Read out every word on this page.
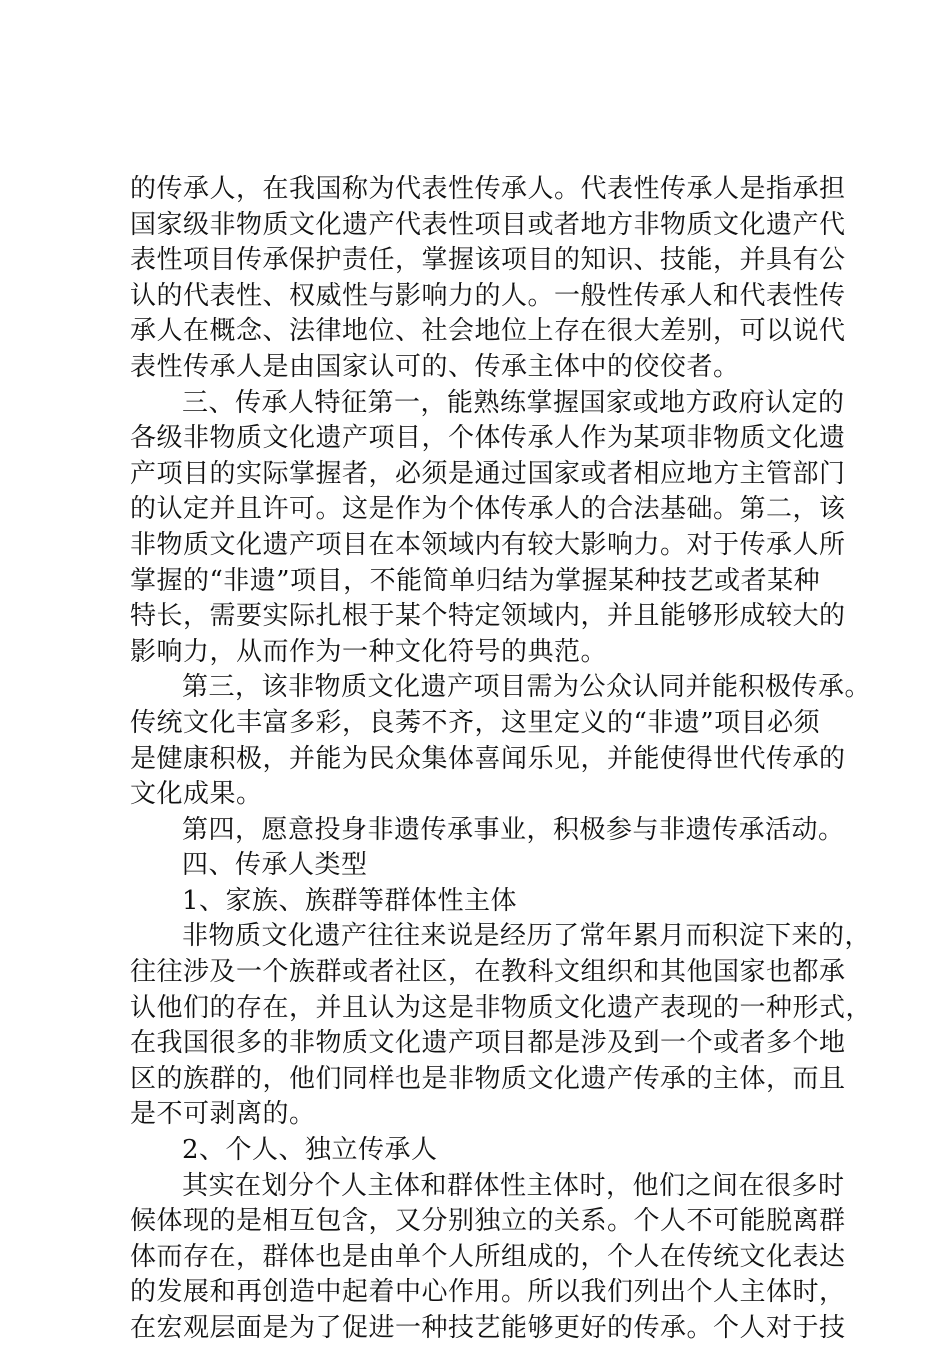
的传承人，在我国称为代表性传承人。代表性传承人是指承担
国家级非物质文化遗产代表性项目或者地方非物质文化遗产代
表性项目传承保护责任，掌握该项目的知识、技能，并具有公
认的代表性、权威性与影响力的人。一般性传承人和代表性传
承人在概念、法律地位、社会地位上存在很大差别，可以说代
表性传承人是由国家认可的、传承主体中的佼佼者。
三、传承人特征第一，能熟练掌握国家或地方政府认定的
各级非物质文化遗产项目，个体传承人作为某项非物质文化遗
产项目的实际掌握者，必须是通过国家或者相应地方主管部门
的认定并且许可。这是作为个体传承人的合法基础。第二，该
非物质文化遗产项目在本领域内有较大影响力。对于传承人所
掌握的“非遗”项目，不能简单归结为掌握某种技艺或者某种
特长，需要实际扎根于某个特定领域内，并且能够形成较大的
影响力，从而作为一种文化符号的典范。
第三，该非物质文化遗产项目需为公众认同并能积极传承。
传统文化丰富多彩，良莠不齐，这里定义的“非遗”项目必须
是健康积极，并能为民众集体喜闻乐见，并能使得世代传承的
文化成果。
第四，愿意投身非遗传承事业，积极参与非遗传承活动。
四、传承人类型
1、家族、族群等群体性主体
非物质文化遗产往往来说是经历了常年累月而积淀下来的，
往往涉及一个族群或者社区，在教科文组织和其他国家也都承
认他们的存在，并且认为这是非物质文化遗产表现的一种形式，
在我国很多的非物质文化遗产项目都是涉及到一个或者多个地
区的族群的，他们同样也是非物质文化遗产传承的主体，而且
是不可剥离的。
2、个人、独立传承人
其实在划分个人主体和群体性主体时，他们之间在很多时
候体现的是相互包含，又分别独立的关系。个人不可能脱离群
体而存在，群体也是由单个人所组成的，个人在传统文化表达
的发展和再创造中起着中心作用。所以我们列出个人主体时，
在宏观层面是为了促进一种技艺能够更好的传承。个人对于技
